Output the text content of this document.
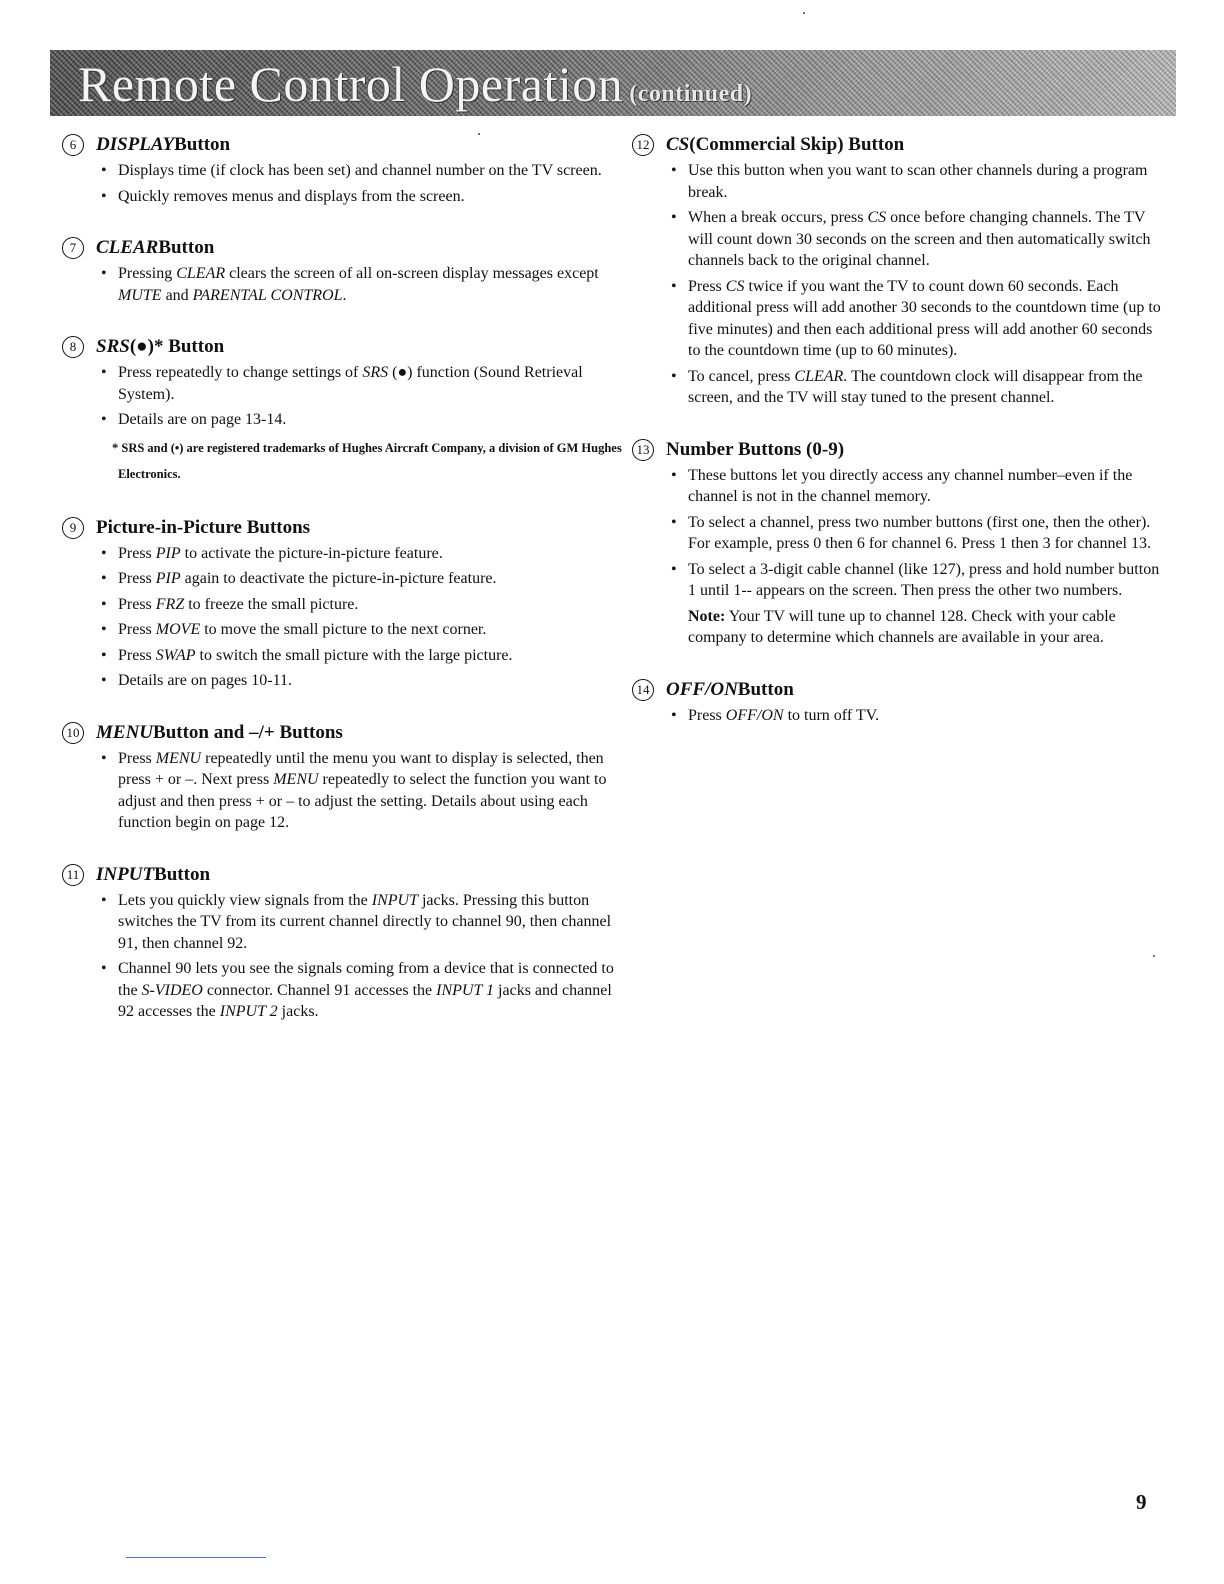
Remote Control Operation (continued)
6	DISPLAY Button
• Displays time (if clock has been set) and channel number on the TV screen.
• Quickly removes menus and displays from the screen.
7	CLEAR Button
• Pressing CLEAR clears the screen of all on-screen display messages except MUTE and PARENTAL CONTROL.
8	SRS (●)* Button
• Press repeatedly to change settings of SRS (●) function (Sound Retrieval System).
• Details are on page 13-14.
* SRS and (•) are registered trademarks of Hughes Aircraft Company, a division of GM Hughes Electronics.
9	Picture-in-Picture Buttons
• Press PIP to activate the picture-in-picture feature.
• Press PIP again to deactivate the picture-in-picture feature.
• Press FRZ to freeze the small picture.
• Press MOVE to move the small picture to the next corner.
• Press SWAP to switch the small picture with the large picture.
• Details are on pages 10-11.
10 MENU Button and –/+ Buttons
• Press MENU repeatedly until the menu you want to display is selected, then press + or –. Next press MENU repeatedly to select the function you want to adjust and then press + or – to adjust the setting. Details about using each function begin on page 12.
11 INPUT Button
• Lets you quickly view signals from the INPUT jacks. Pressing this button switches the TV from its current channel directly to channel 90, then channel 91, then channel 92.
• Channel 90 lets you see the signals coming from a device that is connected to the S-VIDEO connector. Channel 91 accesses the INPUT 1 jacks and channel 92 accesses the INPUT 2 jacks.
12 CS (Commercial Skip) Button
• Use this button when you want to scan other channels during a program break.
• When a break occurs, press CS once before changing channels. The TV will count down 30 seconds on the screen and then automatically switch channels back to the original channel.
• Press CS twice if you want the TV to count down 60 seconds. Each additional press will add another 30 seconds to the countdown time (up to five minutes) and then each additional press will add another 60 seconds to the countdown time (up to 60 minutes).
• To cancel, press CLEAR. The countdown clock will disappear from the screen, and the TV will stay tuned to the present channel.
13 Number Buttons (0-9)
• These buttons let you directly access any channel number–even if the channel is not in the channel memory.
• To select a channel, press two number buttons (first one, then the other). For example, press 0 then 6 for channel 6. Press 1 then 3 for channel 13.
• To select a 3-digit cable channel (like 127), press and hold number button 1 until 1-- appears on the screen. Then press the other two numbers.
Note: Your TV will tune up to channel 128. Check with your cable company to determine which channels are available in your area.
14 OFF/ON Button
• Press OFF/ON to turn off TV.
9
